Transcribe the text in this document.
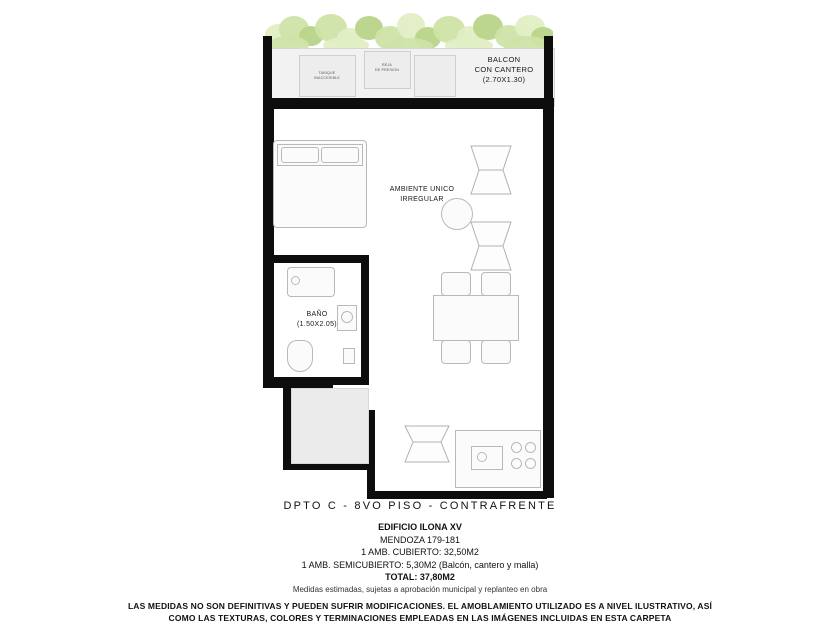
TABIQUE
INACCESIBLE
REJA
DE PRESION
BALCON
CON CANTERO
(2.70X1.30)
BAÑO
(1.50X2.05)
AMBIENTE UNICO
IRREGULAR
DPTO C - 8VO PISO - CONTRAFRENTE
EDIFICIO ILONA XV
MENDOZA 179-181
1 AMB. CUBIERTO: 32,50M2
1 AMB. SEMICUBIERTO: 5,30M2 (Balcón, cantero y malla)
TOTAL: 37,80M2
Medidas estimadas, sujetas a aprobación municipal y replanteo en obra
LAS MEDIDAS NO SON DEFINITIVAS Y PUEDEN SUFRIR MODIFICACIONES. EL AMOBLAMIENTO UTILIZADO ES A NIVEL ILUSTRATIVO, ASÍ
COMO LAS TEXTURAS, COLORES Y TERMINACIONES EMPLEADAS EN LAS IMÁGENES INCLUIDAS EN ESTA CARPETA
